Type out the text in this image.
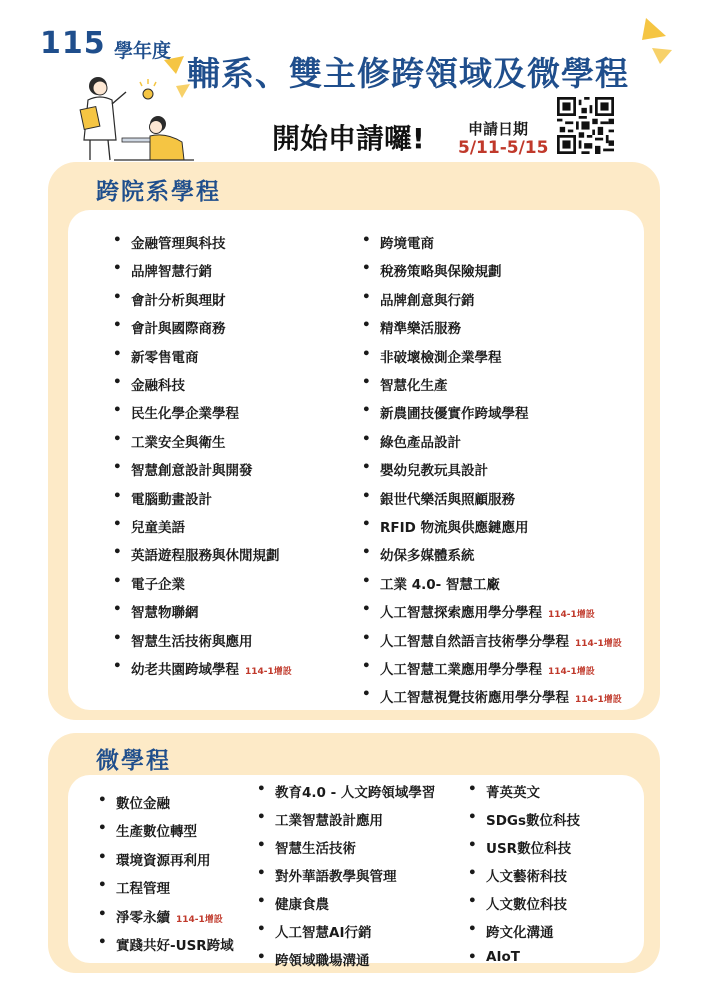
115 學年度
輔系、雙主修跨領域及微學程
開始申請囉!	申請日期
5/11-5/15
跨院系學程
• 金融管理與科技
• 品牌智慧行銷
• 會計分析與理財
• 會計與國際商務
• 新零售電商
• 金融科技
• 民生化學企業學程
• 工業安全與衛生
• 智慧創意設計與開發
• 電腦動畫設計
• 兒童美語
• 英語遊程服務與休閒規劃
• 電子企業
• 智慧物聯網
• 智慧生活技術與應用
• 幼老共園跨域學程 114-1增設
• 跨境電商
• 稅務策略與保險規劃
• 品牌創意與行銷
• 精準樂活服務
• 非破壞檢測企業學程
• 智慧化生產
• 新農圃技優實作跨域學程
• 綠色產品設計
• 嬰幼兒教玩具設計
• 銀世代樂活與照顧服務
• RFID 物流與供應鏈應用
• 幼保多媒體系統
• 工業 4.0- 智慧工廠
• 人工智慧探索應用學分學程 114-1增設
• 人工智慧自然語言技術學分學程 114-1增設
• 人工智慧工業應用學分學程 114-1增設
• 人工智慧視覺技術應用學分學程 114-1增設
微學程
• 數位金融
• 生產數位轉型
• 環境資源再利用
• 工程管理
• 淨零永續 114-1增設
• 實踐共好-USR跨域
• 教育4.0 - 人文跨領域學習
• 工業智慧設計應用
• 智慧生活技術
• 對外華語教學與管理
• 健康食農
• 人工智慧AI行銷
• 跨領域職場溝通
• 菁英英文
• SDGs數位科技
• USR數位科技
• 人文藝術科技
• 人文數位科技
• 跨文化溝通
• AIoT
